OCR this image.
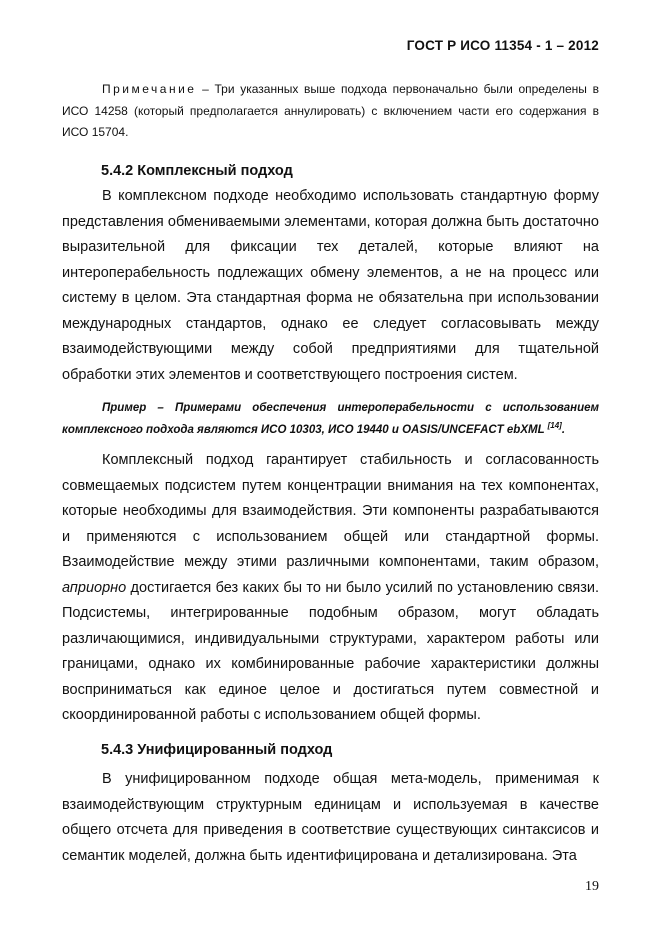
ГОСТ Р ИСО 11354 - 1 – 2012
Примечание – Три указанных выше подхода первоначально были определены в ИСО 14258 (который предполагается аннулировать) с включением части его содержания в ИСО 15704.
5.4.2 Комплексный подход
В комплексном подходе необходимо использовать стандартную форму представления обмениваемыми элементами, которая должна быть достаточно выразительной для фиксации тех деталей, которые влияют на интероперабельность подлежащих обмену элементов, а не на процесс или систему в целом. Эта стандартная форма не обязательна при использовании международных стандартов, однако ее следует согласовывать между взаимодействующими между собой предприятиями для тщательной обработки этих элементов и соответствующего построения систем.
Пример – Примерами обеспечения интероперабельности с использованием комплексного подхода являются ИСО 10303, ИСО 19440 и OASIS/UNCEFACT ebXML [14].
Комплексный подход гарантирует стабильность и согласованность совмещаемых подсистем путем концентрации внимания на тех компонентах, которые необходимы для взаимодействия. Эти компоненты разрабатываются и применяются с использованием общей или стандартной формы. Взаимодействие между этими различными компонентами, таким образом, априорно достигается без каких бы то ни было усилий по установлению связи. Подсистемы, интегрированные подобным образом, могут обладать различающимися, индивидуальными структурами, характером работы или границами, однако их комбинированные рабочие характеристики должны восприниматься как единое целое и достигаться путем совместной и скоординированной работы с использованием общей формы.
5.4.3 Унифицированный подход
В унифицированном подходе общая мета-модель, применимая к взаимодействующим структурным единицам и используемая в качестве общего отсчета для приведения в соответствие существующих синтаксисов и семантик моделей, должна быть идентифицирована и детализирована. Эта
19
